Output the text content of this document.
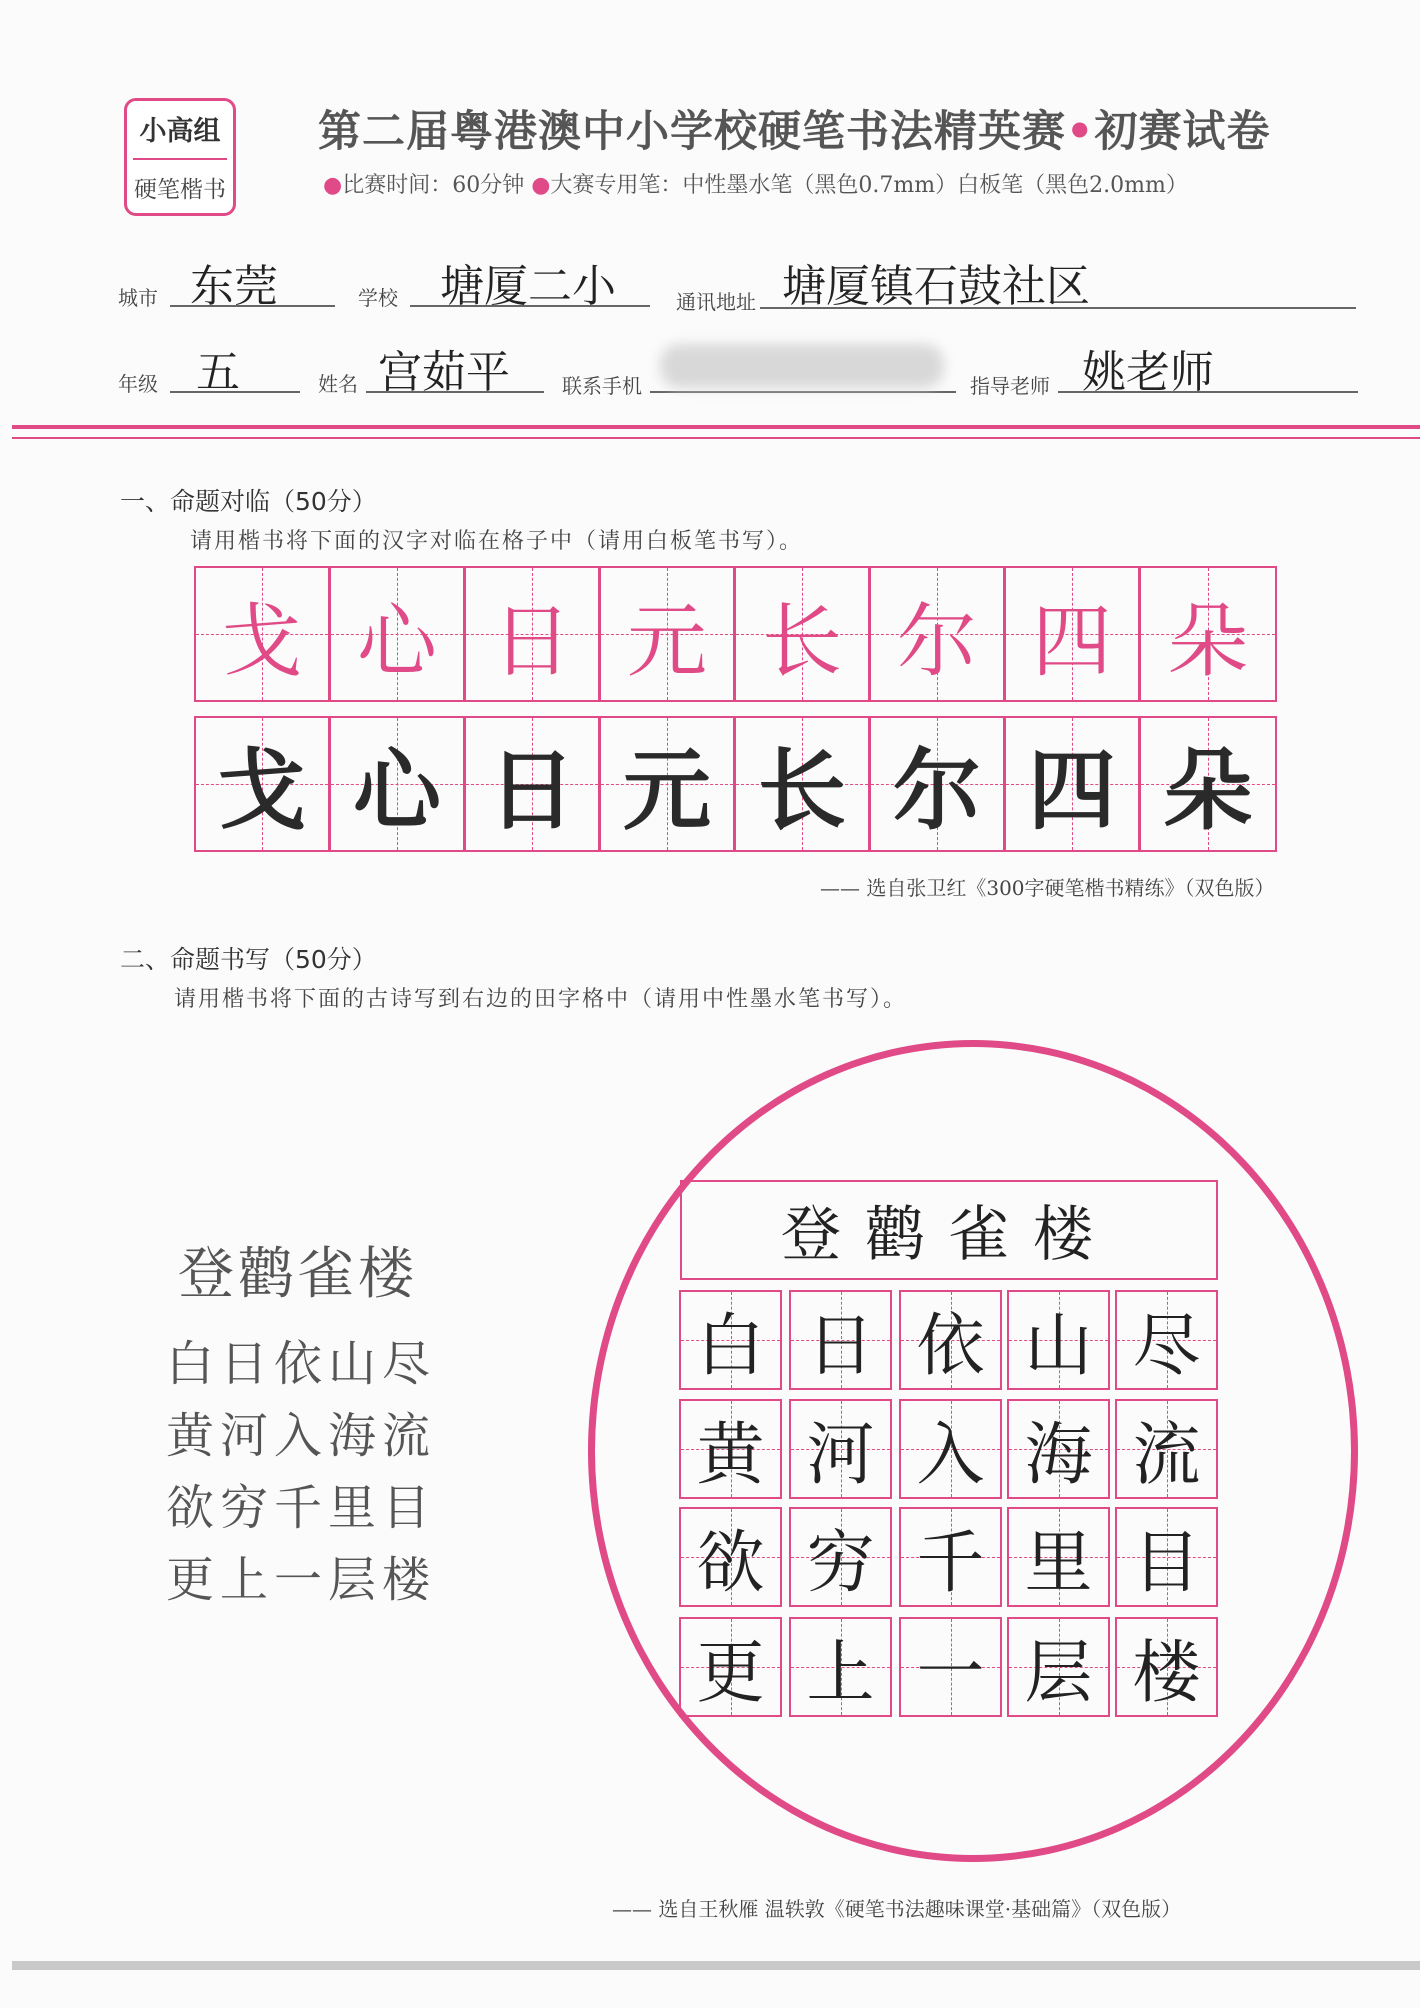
小高组
硬笔楷书
第二届粤港澳中小学校硬笔书法精英赛•初赛试卷
●比赛时间：60分钟 ●大赛专用笔：中性墨水笔（黑色0.7mm）白板笔（黑色2.0mm）
城市 东莞	学校 塘厦二小	通讯地址 塘厦镇石鼓社区
年级 五	姓名 宫茹平	联系手机	指导老师 姚老师
一、命题对临（50分）
请用楷书将下面的汉字对临在格子中（请用白板笔书写）。
戈 心 日 元 长 尔 四 朵
戈 心 日 元 长 尔 四 朵
—— 选自张卫红《300字硬笔楷书精练》（双色版）
二、命题书写（50分）
请用楷书将下面的古诗写到右边的田字格中（请用中性墨水笔书写）。
登鹳雀楼
白日依山尽
黄河入海流
欲穷千里目
更上一层楼
登鹳雀楼
白 日 依 山 尽
黄 河 入 海 流
欲 穷 千 里 目
更 上 一 层 楼
—— 选自王秋雁 温轶敦《硬笔书法趣味课堂·基础篇》（双色版）
